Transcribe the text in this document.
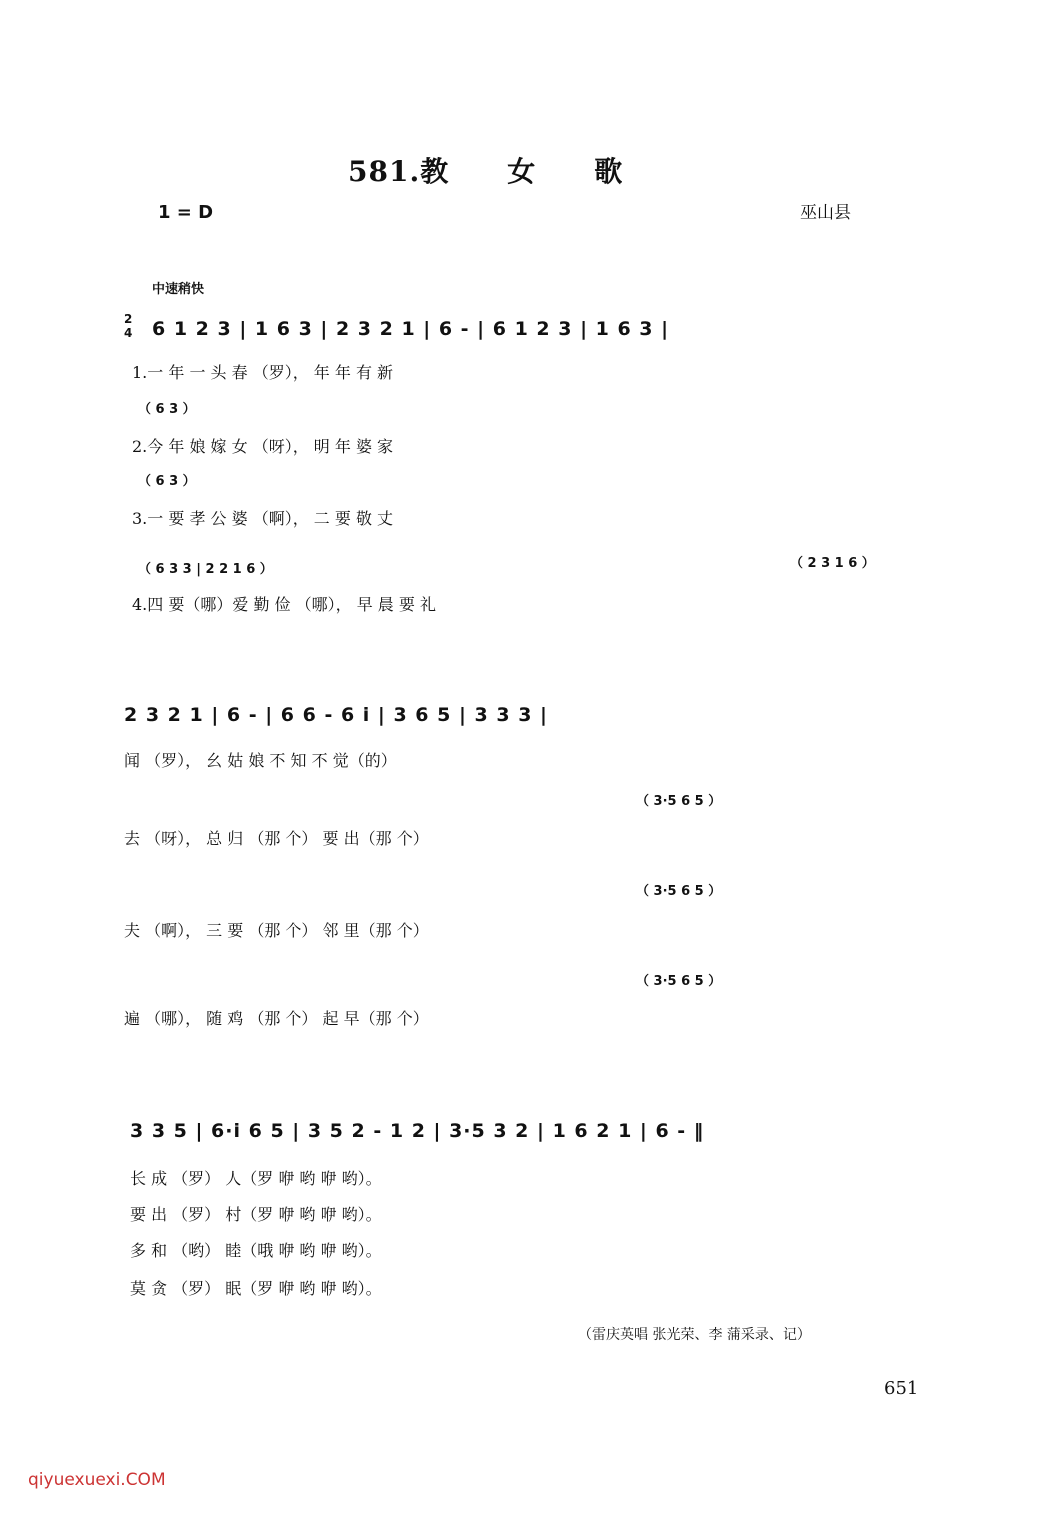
581.教 女 歌
1 = D	巫山县
中速稍快
2
4 6 1 2 3 | 1 6 3 | 2 3 2 1 | 6 - | 6 1 2 3 | 1 6 3 |
1.一 年 一 头 春 （罗）， 年 年 有 新
（ 6 3 ）
2.今 年 娘 嫁 女 （呀）， 明 年 婆 家
（ 6 3 ）
3.一 要 孝 公 婆 （啊）， 二 要 敬 丈
（ 6 3 3 | 2 2 1 6 ）	（ 2 3 1 6 ）
4.四 要（哪）爱 勤 俭 （哪）， 早 晨 要 礼
2 3 2 1 | 6 - | 6 6 - 6 i | 3 6 5 | 3 3 3 |
闻 （罗）， 幺 姑 娘 不 知 不 觉（的）
（ 3·5 6 5 ）
去 （呀）， 总 归 （那 个） 要 出（那 个）
（ 3·5 6 5 ）
夫 （啊）， 三 要 （那 个） 邻 里（那 个）
（ 3·5 6 5 ）
遍 （哪）， 随 鸡 （那 个） 起 早（那 个）
3 3 5 | 6·i 6 5 | 3 5 2 - 1 2 | 3·5 3 2 | 1 6 2 1 | 6 - ‖
长 成 （罗） 人（罗 咿 哟 咿 哟）。
要 出 （罗） 村（罗 咿 哟 咿 哟）。
多 和 （哟） 睦（哦 咿 哟 咿 哟）。
莫 贪 （罗） 眠（罗 咿 哟 咿 哟）。
（雷庆英唱 张光荣、李 蒲采录、记）
651
qiyuexuexi.COM
